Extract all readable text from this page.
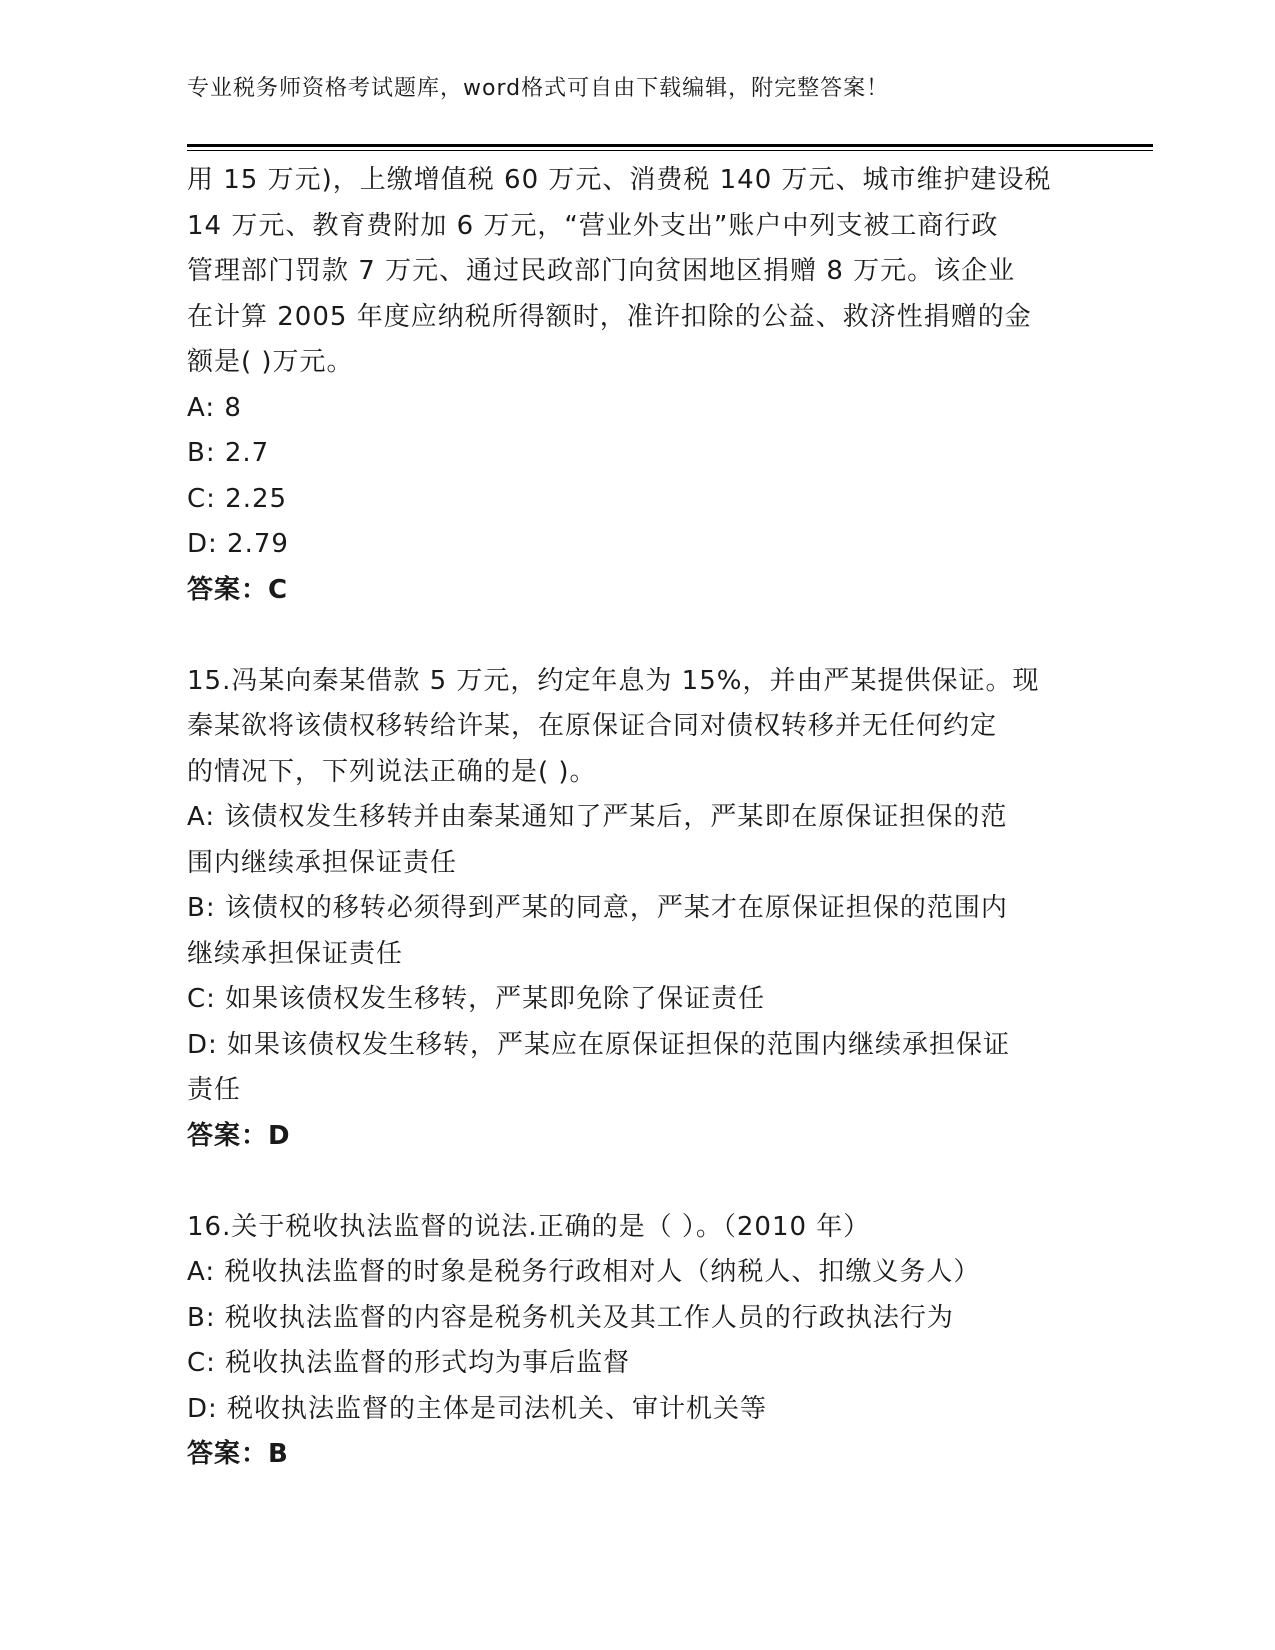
专业税务师资格考试题库，word格式可自由下载编辑，附完整答案！
用 15 万元)，上缴增值税 60 万元、消费税 140 万元、城市维护建设税
14 万元、教育费附加 6 万元，“营业外支出”账户中列支被工商行政
管理部门罚款 7 万元、通过民政部门向贫困地区捐赠 8 万元。该企业
在计算 2005 年度应纳税所得额时，准许扣除的公益、救济性捐赠的金
额是( )万元。
A: 8
B: 2.7
C: 2.25
D: 2.79
答案：C
15.冯某向秦某借款 5 万元，约定年息为 15%，并由严某提供保证。现
秦某欲将该债权移转给许某，在原保证合同对债权转移并无任何约定
的情况下，下列说法正确的是( )。
A: 该债权发生移转并由秦某通知了严某后，严某即在原保证担保的范
围内继续承担保证责任
B: 该债权的移转必须得到严某的同意，严某才在原保证担保的范围内
继续承担保证责任
C: 如果该债权发生移转，严某即免除了保证责任
D: 如果该债权发生移转，严某应在原保证担保的范围内继续承担保证
责任
答案：D
16.关于税收执法监督的说法.正确的是（ ）。（2010 年）
A: 税收执法监督的时象是税务行政相对人（纳税人、扣缴义务人）
B: 税收执法监督的内容是税务机关及其工作人员的行政执法行为
C: 税收执法监督的形式均为事后监督
D: 税收执法监督的主体是司法机关、审计机关等
答案：B
